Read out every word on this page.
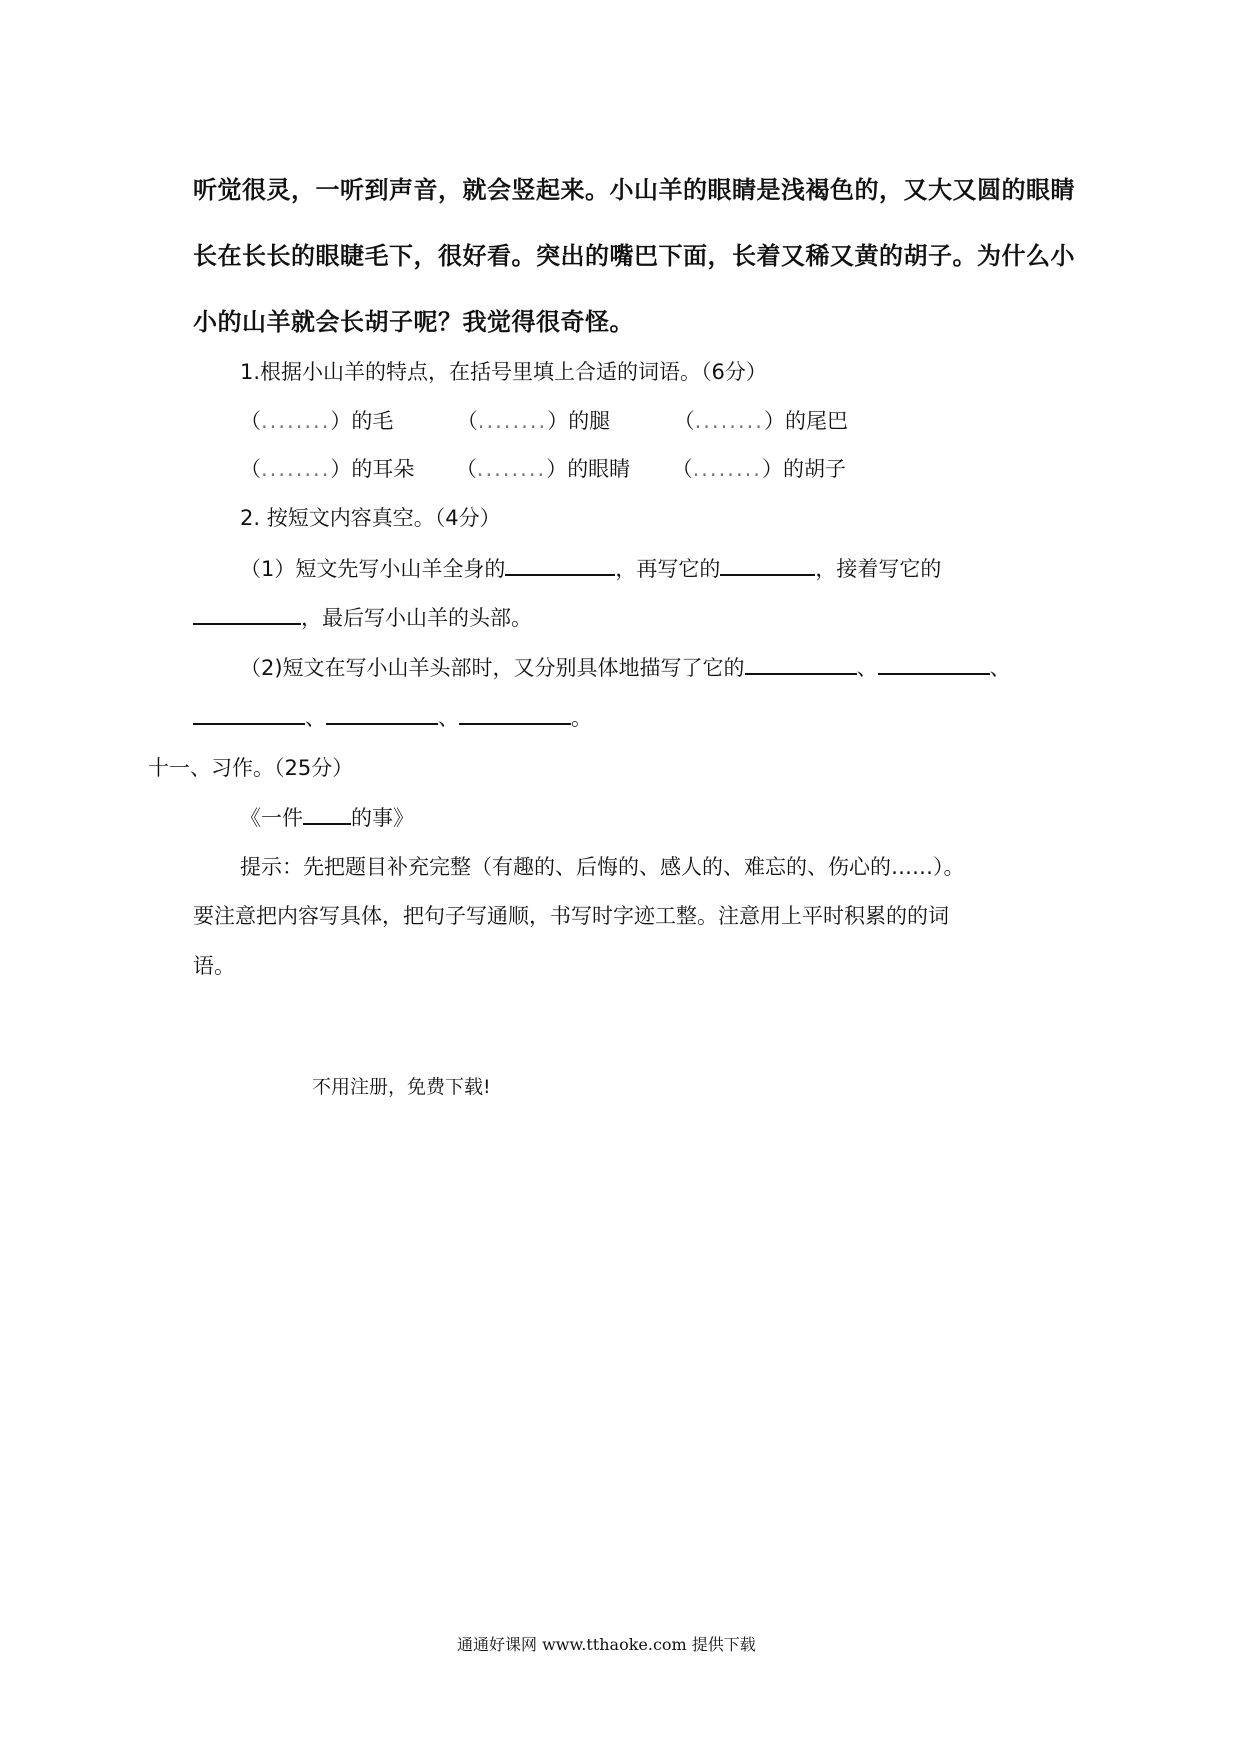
听觉很灵，一听到声音，就会竖起来。小山羊的眼睛是浅褐色的，又大又圆的眼睛
长在长长的眼睫毛下，很好看。突出的嘴巴下面，长着又稀又黄的胡子。为什么小
小的山羊就会长胡子呢？我觉得很奇怪。
1.根据小山羊的特点，在括号里填上合适的词语。（6分）
（........）的毛	（........）的腿	（........）的尾巴
（........）的耳朵 （........）的眼睛 （........）的胡子
2. 按短文内容真空。（4分）
（1）短文先写小山羊全身的	，再写它的	，接着写它的
，最后写小山羊的头部。
（2)短文在写小山羊头部时，又分别具体地描写了它的	、	、
、	、	。
十一、习作。（25分）
《一件 的事》
提示：先把题目补充完整（有趣的、后悔的、感人的、难忘的、伤心的……）。
要注意把内容写具体，把句子写通顺，书写时字迹工整。注意用上平时积累的的词
语。
不用注册，免费下载!
通通好课网 www.tthaoke.com 提供下载
